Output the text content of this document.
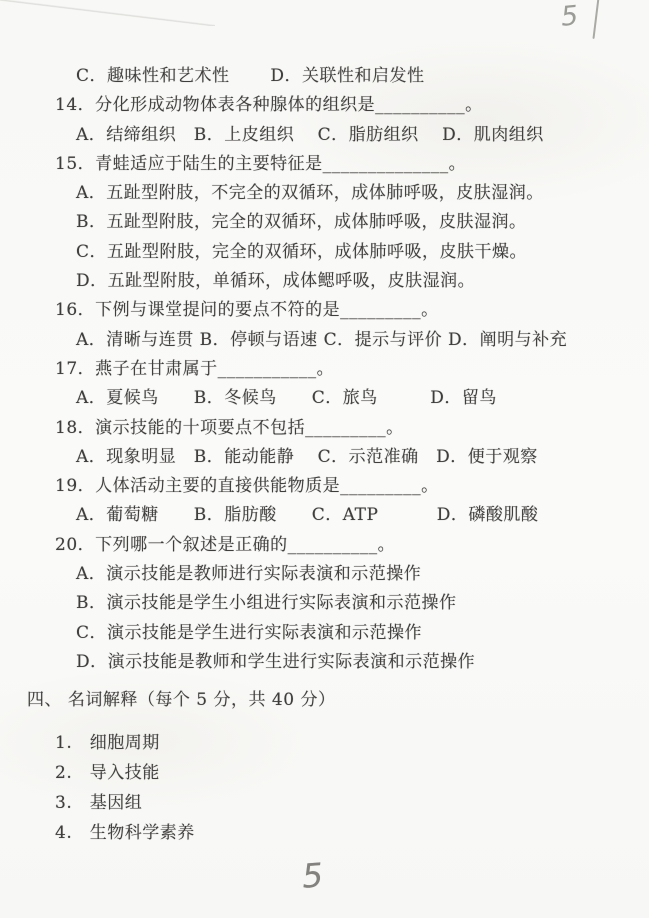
5
C．趣味性和艺术性　　 D．关联性和启发性
14．分化形成动物体表各种腺体的组织是__________。
A．结缔组织　B．上皮组织　 C．脂肪组织　 D．肌肉组织
15．青蛙适应于陆生的主要特征是______________。
A．五趾型附肢，不完全的双循环，成体肺呼吸，皮肤湿润。
B．五趾型附肢，完全的双循环，成体肺呼吸，皮肤湿润。
C．五趾型附肢，完全的双循环，成体肺呼吸，皮肤干燥。
D．五趾型附肢，单循环，成体鳃呼吸，皮肤湿润。
16．下例与课堂提问的要点不符的是_________。
A．清晰与连贯 B．停顿与语速 C．提示与评价 D．阐明与补充
17．燕子在甘肃属于___________。
A．夏候鸟　　B．冬候鸟　　C．旅鸟　　　D．留鸟
18．演示技能的十项要点不包括_________。
A．现象明显　B．能动能静　 C．示范准确　D．便于观察
19．人体活动主要的直接供能物质是_________。
A．葡萄糖　　B．脂肪酸　　C．ATP　　　 D．磷酸肌酸
20．下列哪一个叙述是正确的__________。
A．演示技能是教师进行实际表演和示范操作
B．演示技能是学生小组进行实际表演和示范操作
C．演示技能是学生进行实际表演和示范操作
D．演示技能是教师和学生进行实际表演和示范操作
四、 名词解释（每个 5 分，共 40 分）
1.　细胞周期
2.　导入技能
3.　基因组
4.　生物科学素养
5
